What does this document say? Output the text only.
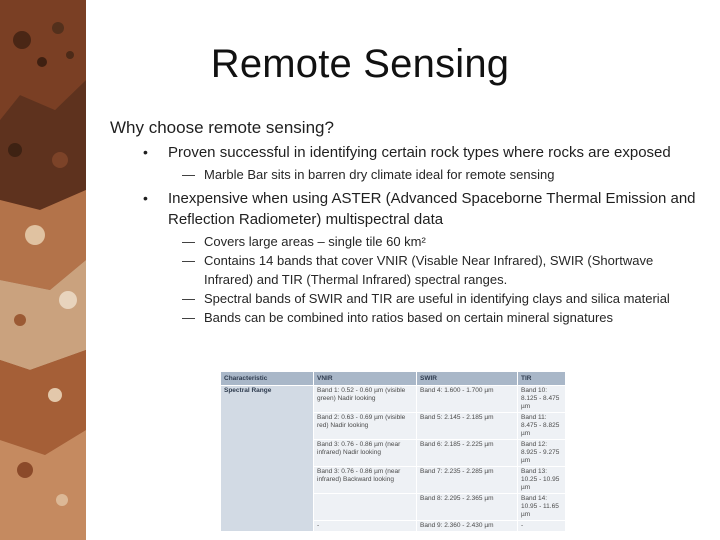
Remote Sensing
Why choose remote sensing?
• Proven successful in identifying certain rock types where rocks are exposed
— Marble Bar sits in barren dry climate ideal for remote sensing
• Inexpensive when using ASTER (Advanced Spaceborne Thermal Emission and Reflection Radiometer) multispectral data
— Covers large areas – single tile 60 km²
— Contains 14 bands that cover VNIR (Visable Near Infrared), SWIR (Shortwave Infrared) and TIR (Thermal Infrared) spectral ranges.
— Spectral bands of SWIR and TIR are useful in identifying clays and silica material
— Bands can be combined into ratios based on certain mineral signatures
Characteristic	VNIR	SWIR	TIR
Spectral Range	Band 1: 0.52 - 0.60 µm (visible green) Nadir looking	Band 4: 1.600 - 1.700 µm	Band 10: 8.125 - 8.475 µm
	Band 2: 0.63 - 0.69 µm (visible red) Nadir looking	Band 5: 2.145 - 2.185 µm	Band 11: 8.475 - 8.825 µm
	Band 3: 0.76 - 0.86 µm (near infrared) Nadir looking	Band 6: 2.185 - 2.225 µm	Band 12: 8.925 - 9.275 µm
	Band 3: 0.76 - 0.86 µm (near infrared) Backward looking	Band 7: 2.235 - 2.285 µm	Band 13: 10.25 - 10.95 µm
		Band 8: 2.295 - 2.365 µm	Band 14: 10.95 - 11.65 µm
	-	Band 9: 2.360 - 2.430 µm	-
